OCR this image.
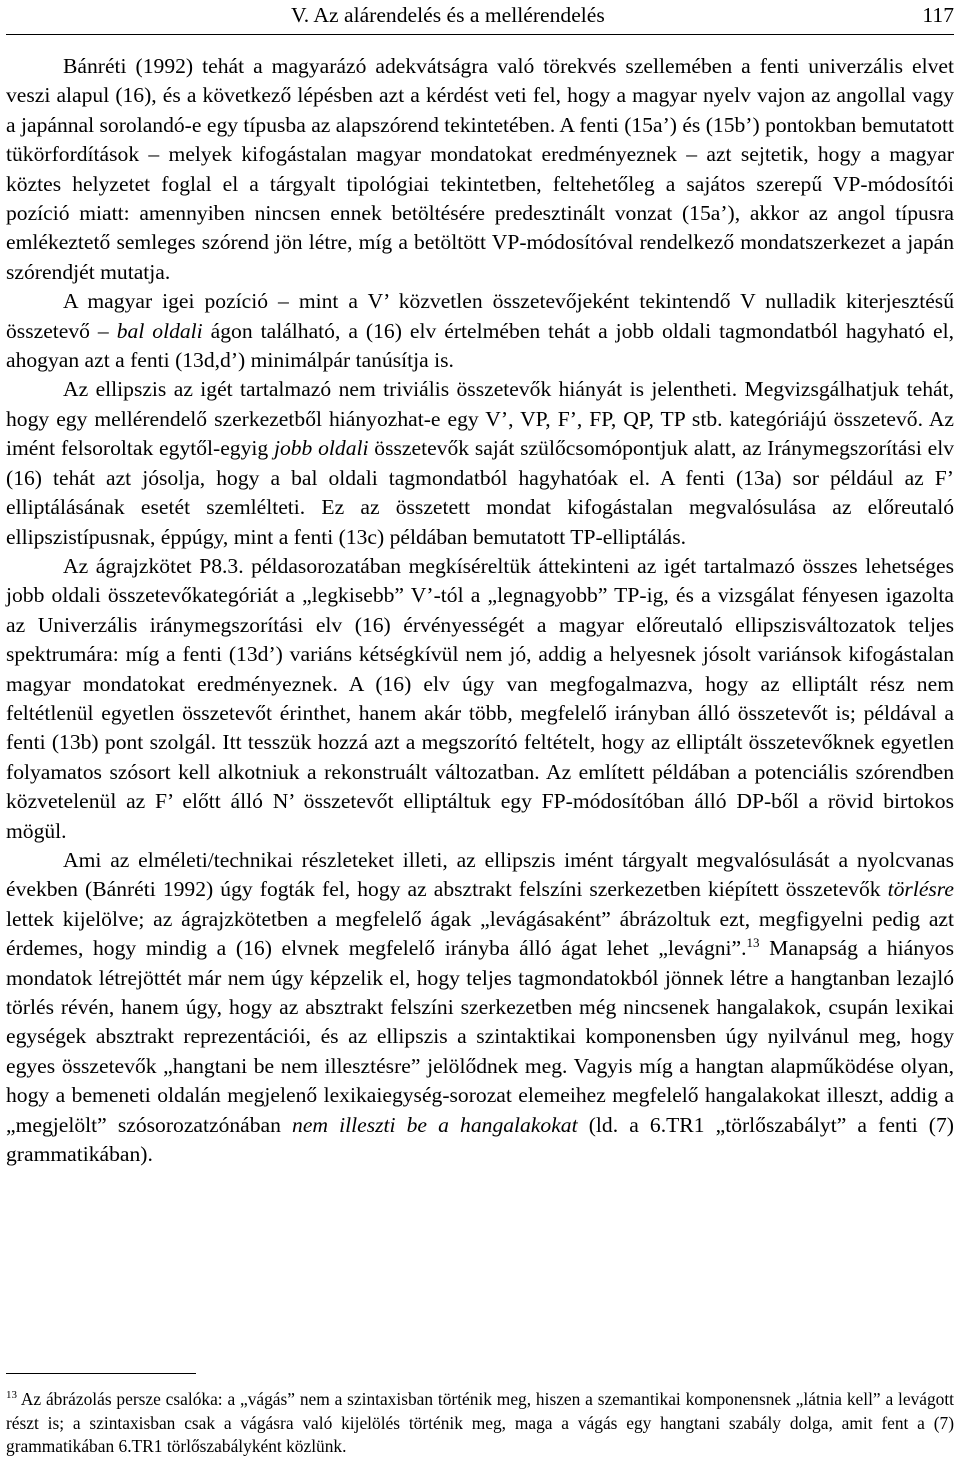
V. Az alárendelés és a mellérendelés	117

Bánréti (1992) tehát a magyarázó adekvátságra való törekvés szellemében a fenti univerzális elvet veszi alapul (16), és a következő lépésben azt a kérdést veti fel, hogy a magyar nyelv vajon az angollal vagy a japánnal sorolandó-e egy típusba az alapszórend tekintetében. A fenti (15a’) és (15b’) pontokban bemutatott tükörfordítások – melyek kifogástalan magyar mondatokat eredményeznek – azt sejtetik, hogy a magyar köztes helyzetet foglal el a tárgyalt tipológiai tekintetben, feltehetőleg a sajátos szerepű VP-módosítói pozíció miatt: amennyiben nincsen ennek betöltésére predesztinált vonzat (15a’), akkor az angol típusra emlékeztető semleges szórend jön létre, míg a betöltött VP-módosítóval rendelkező mondatszerkezet a japán szórendjét mutatja.

A magyar igei pozíció – mint a V’ közvetlen összetevőjeként tekintendő V nulladik kiterjesztésű összetevő – bal oldali ágon található, a (16) elv értelmében tehát a jobb oldali tagmondatból hagyható el, ahogyan azt a fenti (13d,d’) minimálpár tanúsítja is.

Az ellipszis az igét tartalmazó nem triviális összetevők hiányát is jelentheti. Megvizsgálhatjuk tehát, hogy egy mellérendelő szerkezetből hiányozhat-e egy V’, VP, F’, FP, QP, TP stb. kategóriájú összetevő. Az imént felsoroltak egytől-egyig jobb oldali összetevők saját szülőcsomópontjuk alatt, az Iránymegszorítási elv (16) tehát azt jósolja, hogy a bal oldali tagmondatból hagyhatóak el. A fenti (13a) sor például az F’ elliptálásának esetét szemlélteti. Ez az összetett mondat kifogástalan megvalósulása az előreutaló ellipszistípusnak, éppúgy, mint a fenti (13c) példában bemutatott TP-elliptálás.

Az ágrajzkötet P8.3. példasorozatában megkíséreltük áttekinteni az igét tartalmazó összes lehetséges jobb oldali összetevőkategóriát a „legkisebb” V’-tól a „legnagyobb” TP-ig, és a vizsgálat fényesen igazolta az Univerzális iránymegszorítási elv (16) érvényességét a magyar előreutaló ellipszisváltozatok teljes spektrumára: míg a fenti (13d’) variáns kétségkívül nem jó, addig a helyesnek jósolt variánsok kifogástalan magyar mondatokat eredményeznek. A (16) elv úgy van megfogalmazva, hogy az elliptált rész nem feltétlenül egyetlen összetevőt érinthet, hanem akár több, megfelelő irányban álló összetevőt is; példával a fenti (13b) pont szolgál. Itt tesszük hozzá azt a megszorító feltételt, hogy az elliptált összetevőknek egyetlen folyamatos szósort kell alkotniuk a rekonstruált változatban. Az említett példában a potenciális szórendben közvetelenül az F’ előtt álló N’ összetevőt elliptáltuk egy FP-módosítóban álló DP-ből a rövid birtokos mögül.

Ami az elméleti/technikai részleteket illeti, az ellipszis imént tárgyalt megvalósulását a nyolcvanas években (Bánréti 1992) úgy fogták fel, hogy az absztrakt felszíni szerkezetben kiépített összetevők törlésre lettek kijelölve; az ágrajzkötetben a megfelelő ágak „levágásaként” ábrázoltuk ezt, megfigyelni pedig azt érdemes, hogy mindig a (16) elvnek megfelelő irányba álló ágat lehet „levágni”.$^{13}$ Manapság a hiányos mondatok létrejöttét már nem úgy képzelik el, hogy teljes tagmondatokból jönnek létre a hangtanban lezajló törlés révén, hanem úgy, hogy az absztrakt felszíni szerkezetben még nincsenek hangalakok, csupán lexikai egységek absztrakt reprezentációi, és az ellipszis a szintaktikai komponensben úgy nyilvánul meg, hogy egyes összetevők „hangtani be nem illesztésre” jelölődnek meg. Vagyis míg a hangtan alapműködése olyan, hogy a bemeneti oldalán megjelenő lexikaiegység-sorozat elemeihez megfelelő hangalakokat illeszt, addig a „megjelölt” szósorozatzónában nem illeszti be a hangalakokat (ld. a 6.TR1 „törlőszabályt” a fenti (7) grammatikában).

$^{13}$ Az ábrázolás persze csalóka: a „vágás” nem a szintaxisban történik meg, hiszen a szemantikai komponensnek „látnia kell” a levágott részt is; a szintaxisban csak a vágásra való kijelölés történik meg, maga a vágás egy hangtani szabály dolga, amit fent a (7) grammatikában 6.TR1 törlőszabályként közlünk.
